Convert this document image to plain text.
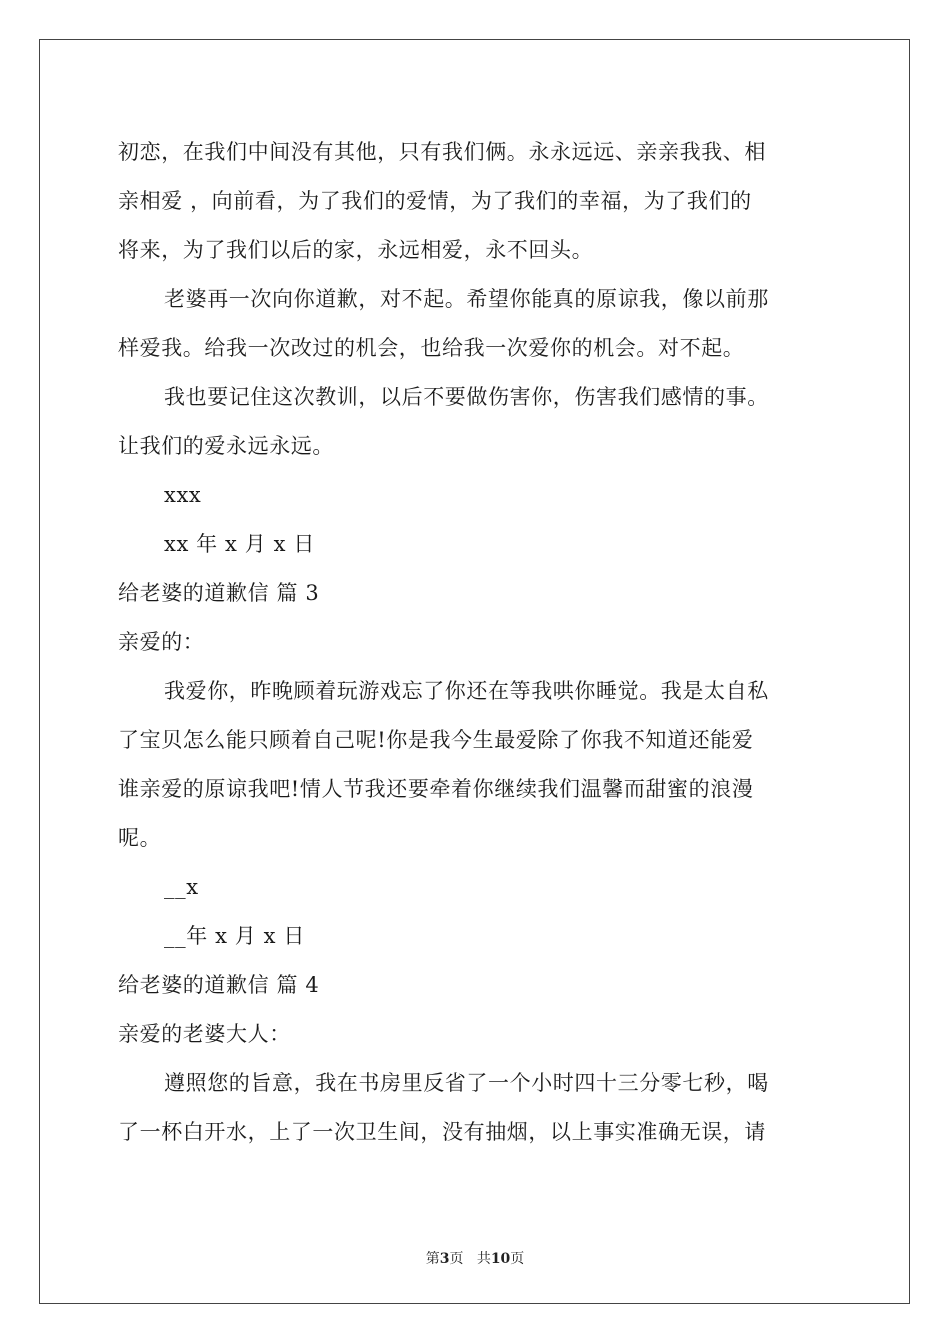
初恋，在我们中间没有其他，只有我们俩。永永远远、亲亲我我、相
亲相爱 ，向前看，为了我们的爱情，为了我们的幸福，为了我们的
将来，为了我们以后的家，永远相爱，永不回头。
老婆再一次向你道歉，对不起。希望你能真的原谅我，像以前那
样爱我。给我一次改过的机会，也给我一次爱你的机会。对不起。
我也要记住这次教训，以后不要做伤害你，伤害我们感情的事。
让我们的爱永远永远。
xxx
xx 年 x 月 x 日
给老婆的道歉信 篇 3
亲爱的：
我爱你，昨晚顾着玩游戏忘了你还在等我哄你睡觉。我是太自私
了宝贝怎么能只顾着自己呢!你是我今生最爱除了你我不知道还能爱
谁亲爱的原谅我吧!情人节我还要牵着你继续我们温馨而甜蜜的浪漫
呢。
__x
__年 x 月 x 日
给老婆的道歉信 篇 4
亲爱的老婆大人：
遵照您的旨意，我在书房里反省了一个小时四十三分零七秒，喝
了一杯白开水，上了一次卫生间，没有抽烟，以上事实准确无误，请
第3页 共10页
